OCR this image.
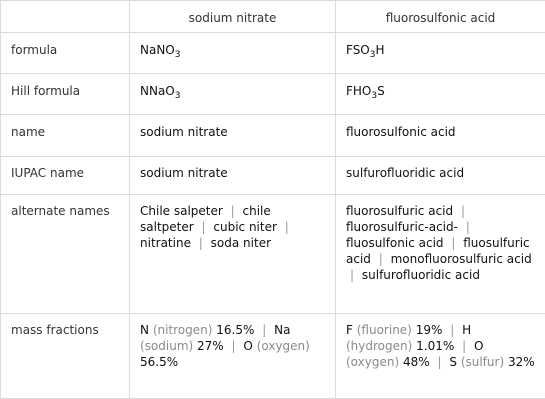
	sodium nitrate	fluorosulfonic acid
formula	NaNO$_3$	$FSO_3H$
Hill formula	NNaO$_3$	$FHO_3S$
name	sodium nitrate	fluorosulfonic acid
IUPAC name	sodium nitrate	sulfurofluoridic acid
alternate names	Chile salpeter | chile saltpeter | cubic niter | nitratine | soda niter	fluorosulfuric acid | fluorosulfuric-acid- | fluosulfonic acid | fluosulfuric acid | monofluorosulfuric acid | sulfurofluoridic acid
mass fractions	N (nitrogen) 16.5% | Na (sodium) 27% | O (oxygen) 56.5%	F (fluorine) 19% | H (hydrogen) 1.01% | O (oxygen) 48% | S (sulfur) 32%
